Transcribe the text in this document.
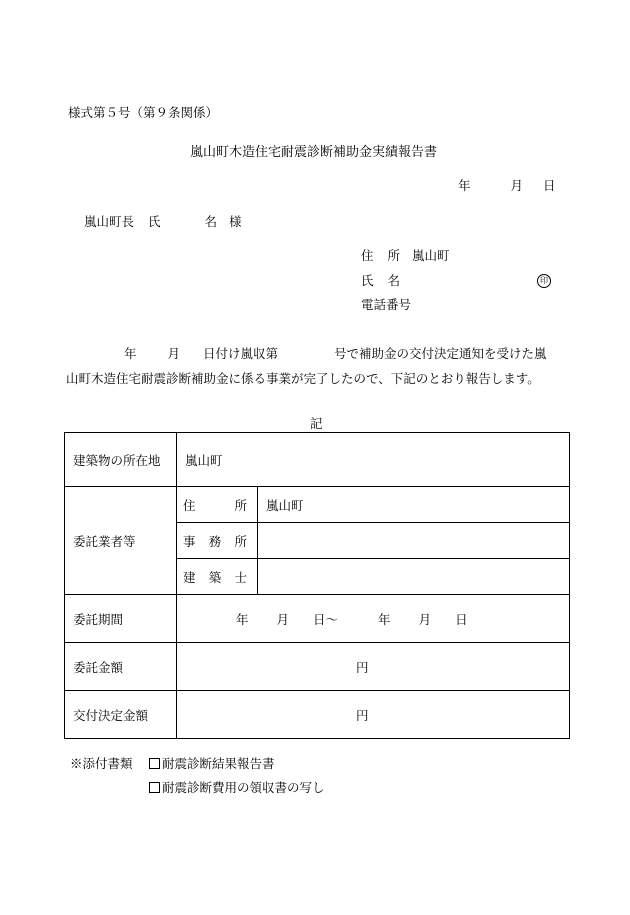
様式第５号（第９条関係）
嵐山町木造住宅耐震診断補助金実績報告書
年	月 日
嵐山町長 氏	名 様
住 所 嵐山町
氏 名	印
電話番号
年 月 日付け嵐収第	号で補助金の交付決定通知を受けた嵐
山町木造住宅耐震診断補助金に係る事業が完了したので、下記のとおり報告します。
記
建築物の所在地	嵐山町	
委託業者等	住 所	嵐山町

	事 務 所	

	建 築 士	

委託期間	年 月 日～ 年 月 日	
委託金額	円	
交付決定金額	円	
※添付書類	耐震診断結果報告書
耐震診断費用の領収書の写し
